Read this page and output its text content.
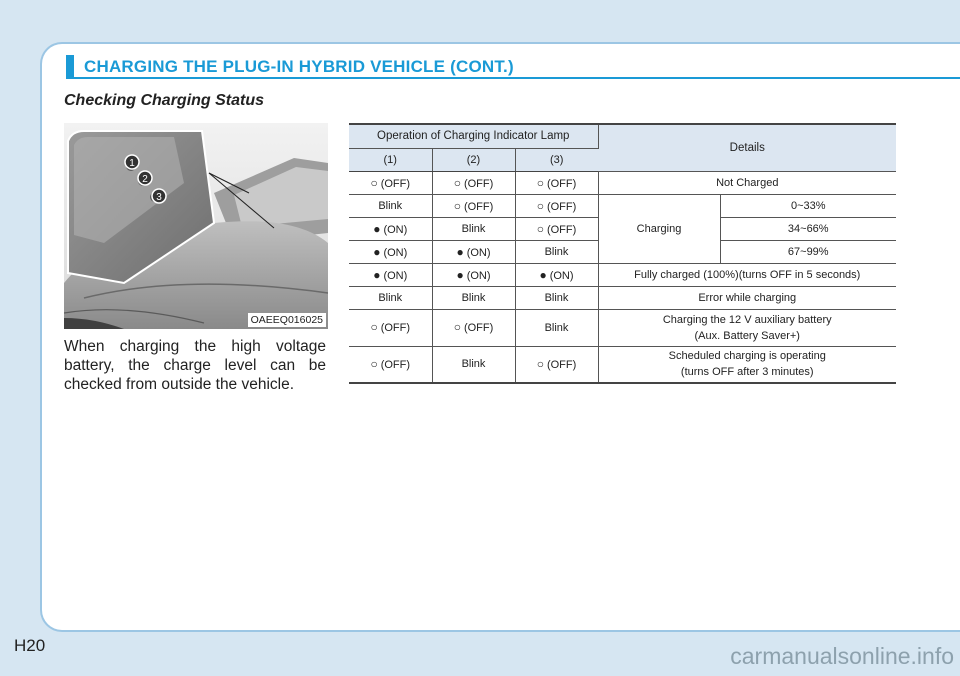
CHARGING THE PLUG-IN HYBRID VEHICLE (CONT.)
Checking Charging Status
1
2
3
OAEEQ016025
When charging the high voltage battery, the charge level can be checked from outside the vehicle.
Operation of Charging Indicator Lamp			Details	
(1)	(2)	(3)		
○ (OFF)	○ (OFF)	○ (OFF)	Not Charged	
Blink	○ (OFF)	○ (OFF)	Charging	0~33%
● (ON)	Blink	○ (OFF)		34~66%
● (ON)	● (ON)	Blink		67~99%
● (ON)	● (ON)	● (ON)	Fully charged (100%)(turns OFF in 5 seconds)	
Blink	Blink	Blink	Error while charging	
○ (OFF)	○ (OFF)	Blink	Charging the 12 V auxiliary battery
(Aux. Battery Saver+)	

○ (OFF)	Blink	○ (OFF)	Scheduled charging is operating
(turns OFF after 3 minutes)	
H20	carmanualsonline.info
